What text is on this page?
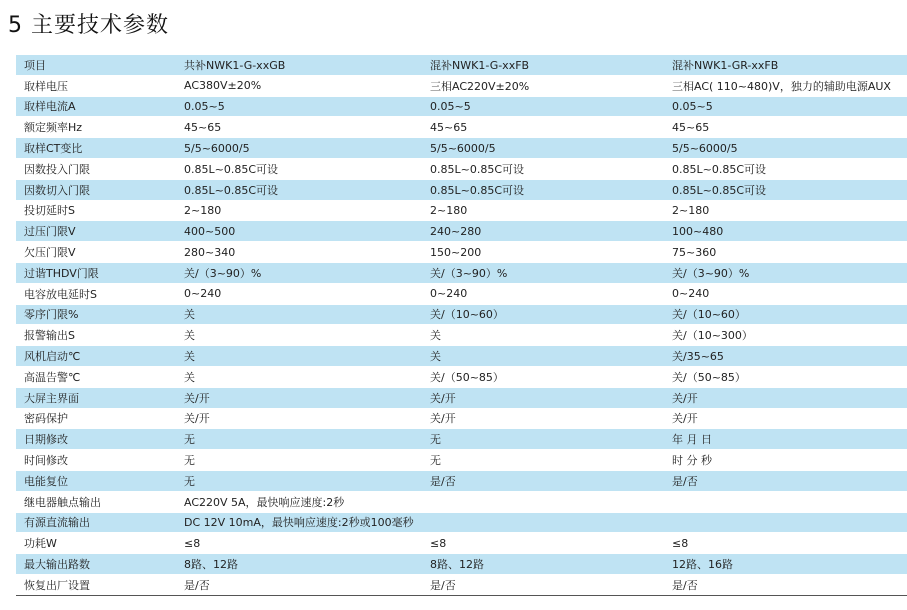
5 主要技术参数
项目	共补NWK1-G-xxGB	混补NWK1-G-xxFB	混补NWK1-GR-xxFB
取样电压	AC380V±20%	三相AC220V±20%	三相AC( 110~480)V，独力的辅助电源AUX
取样电流A	0.05~5	0.05~5	0.05~5
额定频率Hz	45~65	45~65	45~65
取样CT变比	5/5~6000/5	5/5~6000/5	5/5~6000/5
因数投入门限	0.85L~0.85C可设	0.85L~0.85C可设	0.85L~0.85C可设
因数切入门限	0.85L~0.85C可设	0.85L~0.85C可设	0.85L~0.85C可设
投切延时S	2~180	2~180	2~180
过压门限V	400~500	240~280	100~480
欠压门限V	280~340	150~200	75~360
过谐THDV门限	关/（3~90）%	关/（3~90）%	关/（3~90）%
电容放电延时S	0~240	0~240	0~240
零序门限%	关	关/（10~60）	关/（10~60）
报警输出S	关	关	关/（10~300）
风机启动℃	关	关	关/35~65
高温告警℃	关	关/（50~85）	关/（50~85）
大屏主界面	关/开	关/开	关/开
密码保护	关/开	关/开	关/开
日期修改	无	无	年 月 日
时间修改	无	无	时 分 秒
电能复位	无	是/否	是/否
继电器触点输出	AC220V 5A，最快响应速度:2秒		
有源直流输出	DC 12V 10mA，最快响应速度:2秒或100毫秒		
功耗W	≤8	≤8	≤8
最大输出路数	8路、12路	8路、12路	12路、16路
恢复出厂设置	是/否	是/否	是/否
